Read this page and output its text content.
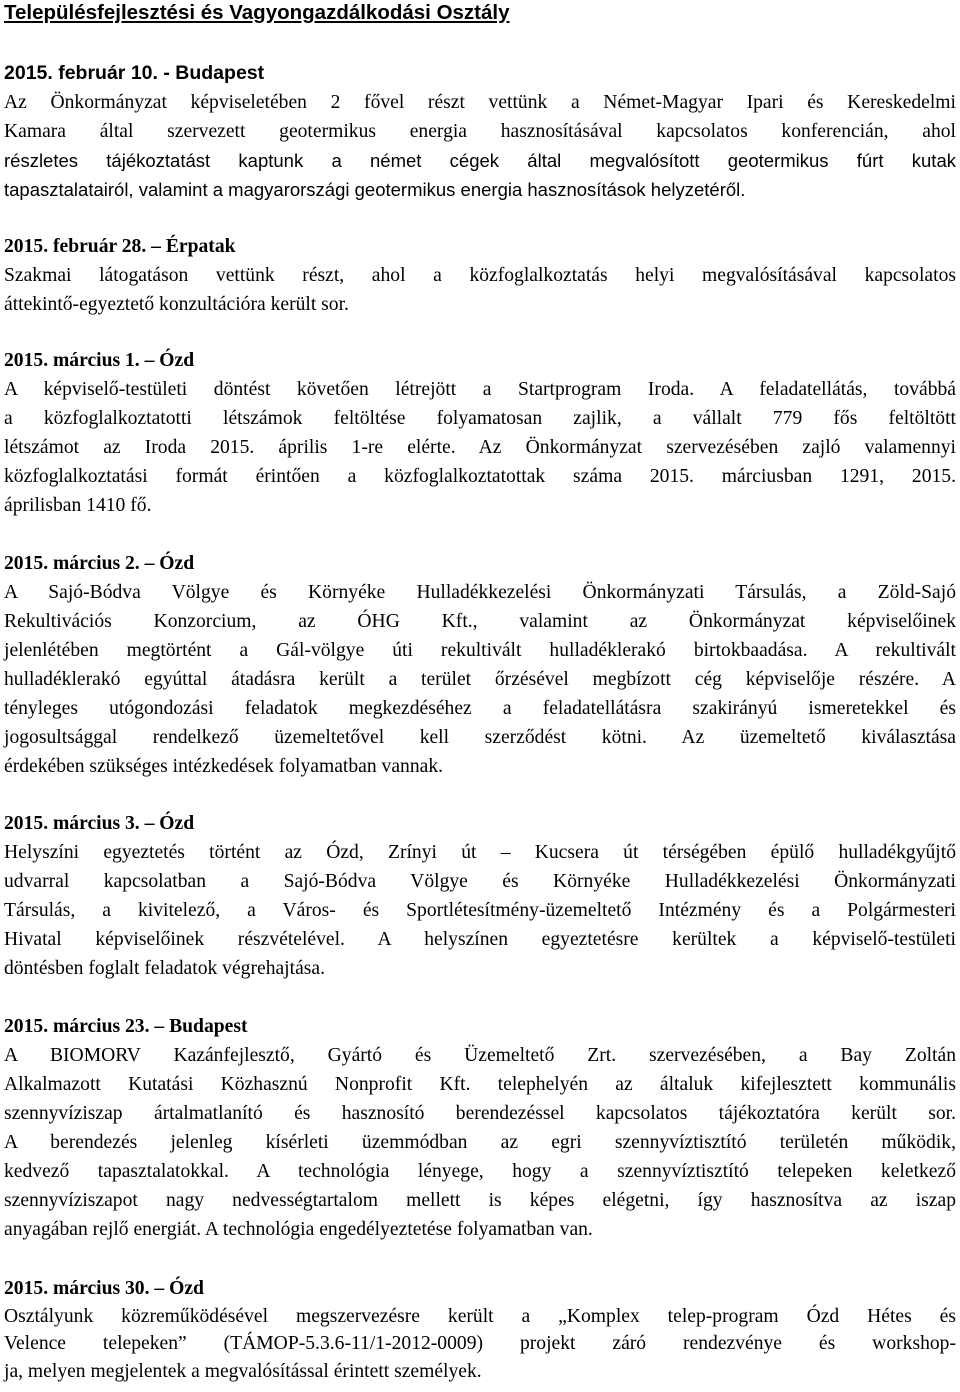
Településfejlesztési és Vagyongazdálkodási Osztály
2015. február 10. - Budapest
Az Önkormányzat képviseletében 2 fővel részt vettünk a Német-Magyar Ipari és Kereskedelmi
Kamara által szervezett geotermikus energia hasznosításával kapcsolatos konferencián, ahol
részletes tájékoztatást kaptunk a német cégek által megvalósított geotermikus fúrt kutak
tapasztalatairól, valamint a magyarországi geotermikus energia hasznosítások helyzetéről.
2015. február 28. – Érpatak
Szakmai látogatáson vettünk részt, ahol a közfoglalkoztatás helyi megvalósításával kapcsolatos
áttekintő-egyeztető konzultációra került sor.
2015. március 1. – Ózd
A képviselő-testületi döntést követően létrejött a Startprogram Iroda. A feladatellátás, továbbá
a közfoglalkoztatotti létszámok feltöltése folyamatosan zajlik, a vállalt 779 fős feltöltött
létszámot az Iroda 2015. április 1-re elérte. Az Önkormányzat szervezésében zajló valamennyi
közfoglalkoztatási formát érintően a közfoglalkoztatottak száma 2015. márciusban 1291, 2015.
áprilisban 1410 fő.
2015. március 2. – Ózd
A Sajó-Bódva Völgye és Környéke Hulladékkezelési Önkormányzati Társulás, a Zöld-Sajó
Rekultivációs Konzorcium, az ÓHG Kft., valamint az Önkormányzat képviselőinek
jelenlétében megtörtént a Gál-völgye úti rekultivált hulladéklerakó birtokbaadása. A rekultivált
hulladéklerakó egyúttal átadásra került a terület őrzésével megbízott cég képviselője részére. A
tényleges utógondozási feladatok megkezdéséhez a feladatellátásra szakirányú ismeretekkel és
jogosultsággal rendelkező üzemeltetővel kell szerződést kötni. Az üzemeltető kiválasztása
érdekében szükséges intézkedések folyamatban vannak.
2015. március 3. – Ózd
Helyszíni egyeztetés történt az Ózd, Zrínyi út – Kucsera út térségében épülő hulladékgyűjtő
udvarral kapcsolatban a Sajó-Bódva Völgye és Környéke Hulladékkezelési Önkormányzati
Társulás, a kivitelező, a Város- és Sportlétesítmény-üzemeltető Intézmény és a Polgármesteri
Hivatal képviselőinek részvételével. A helyszínen egyeztetésre kerültek a képviselő-testületi
döntésben foglalt feladatok végrehajtása.
2015. március 23. – Budapest
A BIOMORV Kazánfejlesztő, Gyártó és Üzemeltető Zrt. szervezésében, a Bay Zoltán
Alkalmazott Kutatási Közhasznú Nonprofit Kft. telephelyén az általuk kifejlesztett kommunális
szennyvíziszap ártalmatlanító és hasznosító berendezéssel kapcsolatos tájékoztatóra került sor.
A berendezés jelenleg kísérleti üzemmódban az egri szennyvíztisztító területén működik,
kedvező tapasztalatokkal. A technológia lényege, hogy a szennyvíztisztító telepeken keletkező
szennyvíziszapot nagy nedvességtartalom mellett is képes elégetni, így hasznosítva az iszap
anyagában rejlő energiát. A technológia engedélyeztetése folyamatban van.
2015. március 30. – Ózd
Osztályunk közreműködésével megszervezésre került a „Komplex telep-program Ózd Hétes és
Velence telepeken” (TÁMOP-5.3.6-11/1-2012-0009) projekt záró rendezvénye és workshop-
ja, melyen megjelentek a megvalósítással érintett személyek.
